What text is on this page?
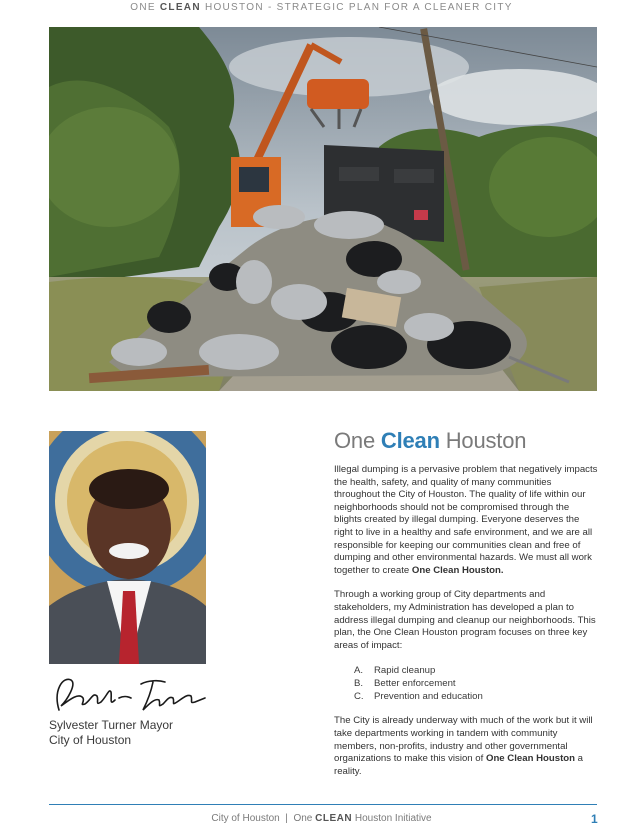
ONE CLEAN HOUSTON - STRATEGIC PLAN FOR A CLEANER CITY
Sylvester Turner Mayor
City of Houston
One Clean Houston

Illegal dumping is a pervasive problem that negatively impacts the health, safety, and quality of many communities throughout the City of Houston. The quality of life within our neighborhoods should not be compromised through the blights created by illegal dumping. Everyone deserves the right to live in a healthy and safe environment, and we are all responsible for keeping our communities clean and free of dumping and other environmental hazards. We must all work together to create One Clean Houston.

Through a working group of City departments and stakeholders, my Administration has developed a plan to address illegal dumping and cleanup our neighborhoods. This plan, the One Clean Houston program focuses on three key areas of impact:

A. Rapid cleanup
B. Better enforcement
C. Prevention and education

The City is already underway with much of the work but it will take departments working in tandem with community members, non-profits, industry and other governmental organizations to make this vision of One Clean Houston a reality.

City of Houston  |  One CLEAN Houston Initiative	1
